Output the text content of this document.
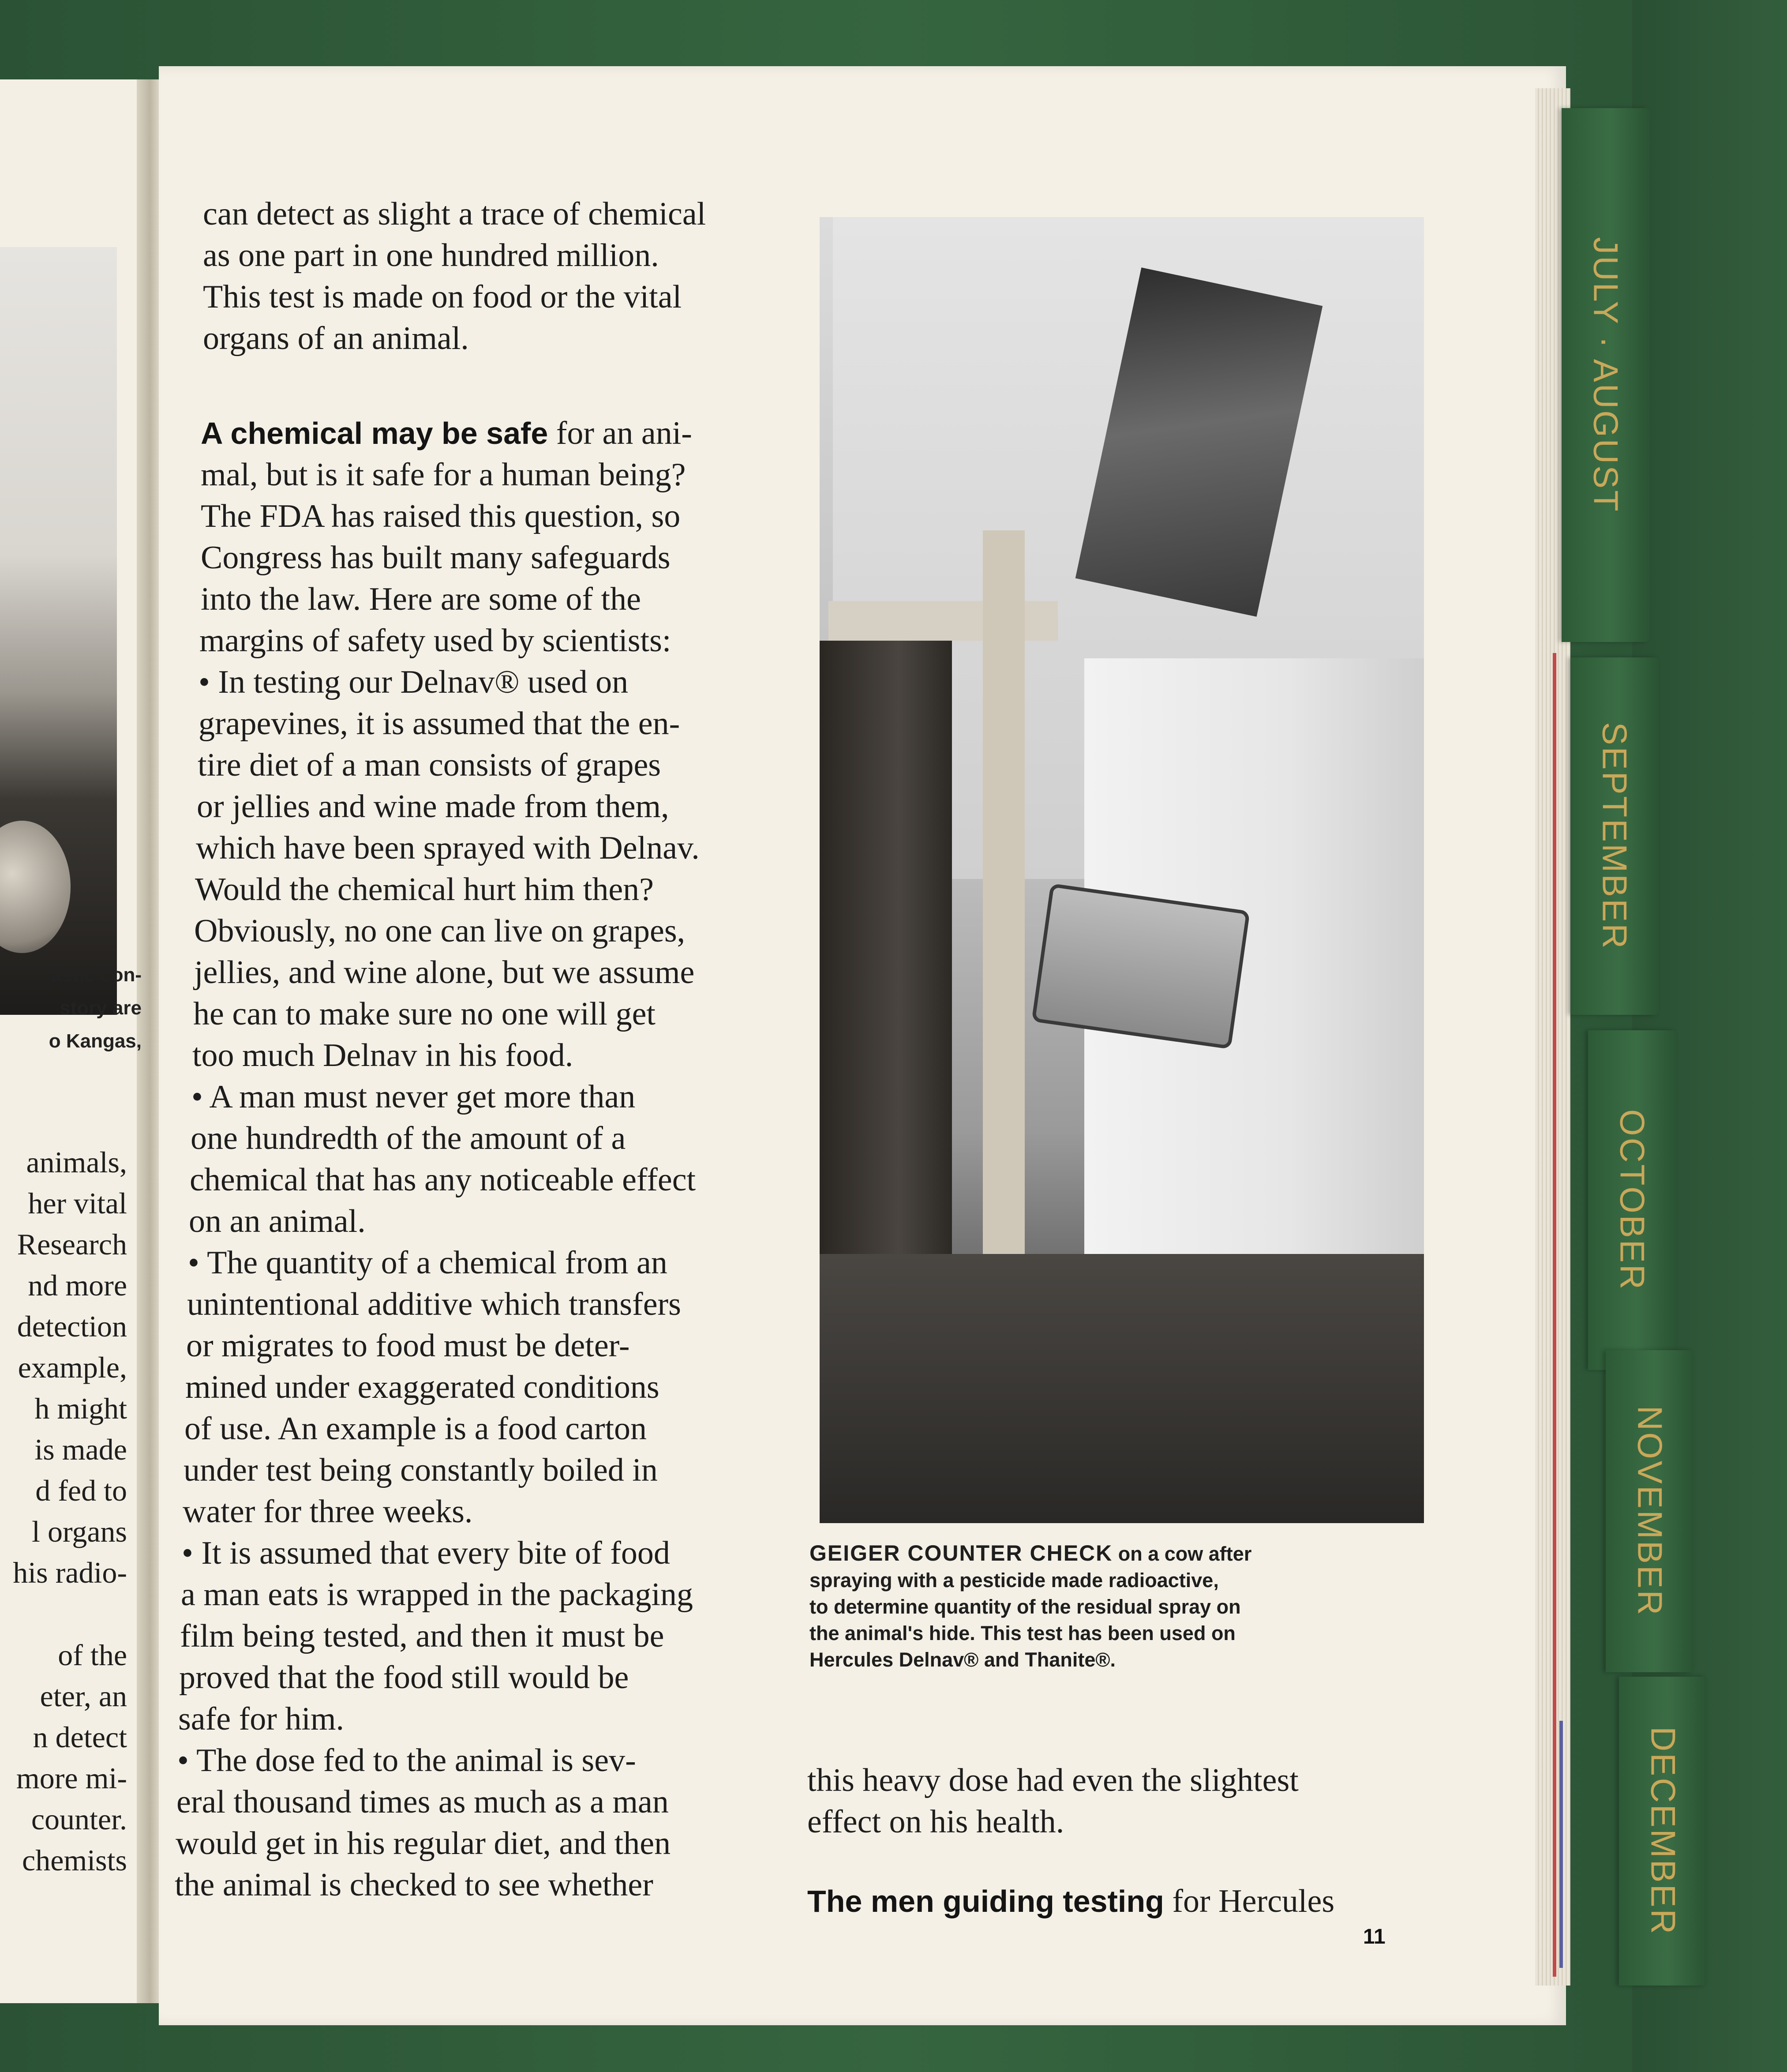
astic con-
story are
o Kangas,
animals,
her vital
Research
nd more
detection
example,
h might
is made
d fed to
l organs
his radio-
of the
eter, an
n detect
more mi-
counter.
chemists
can detect as slight a trace of chemical
as one part in one hundred million.
This test is made on food or the vital
organs of an animal.
A chemical may be safe for an ani-
mal, but is it safe for a human being?
The FDA has raised this question, so
Congress has built many safeguards
into the law. Here are some of the
margins of safety used by scientists:
• In testing our Delnav® used on
grapevines, it is assumed that the en-
tire diet of a man consists of grapes
or jellies and wine made from them,
which have been sprayed with Delnav.
Would the chemical hurt him then?
Obviously, no one can live on grapes,
jellies, and wine alone, but we assume
he can to make sure no one will get
too much Delnav in his food.
• A man must never get more than
one hundredth of the amount of a
chemical that has any noticeable effect
on an animal.
• The quantity of a chemical from an
unintentional additive which transfers
or migrates to food must be deter-
mined under exaggerated conditions
of use. An example is a food carton
under test being constantly boiled in
water for three weeks.
• It is assumed that every bite of food
a man eats is wrapped in the packaging
film being tested, and then it must be
proved that the food still would be
safe for him.
• The dose fed to the animal is sev-
eral thousand times as much as a man
would get in his regular diet, and then
the animal is checked to see whether
GEIGER COUNTER CHECK on a cow after
spraying with a pesticide made radioactive,
to determine quantity of the residual spray on
the animal's hide. This test has been used on
Hercules Delnav® and Thanite®.
this heavy dose had even the slightest
effect on his health.
The men guiding testing for Hercules
11
JULY · AUGUST
SEPTEMBER
OCTOBER
NOVEMBER
DECEMBER
